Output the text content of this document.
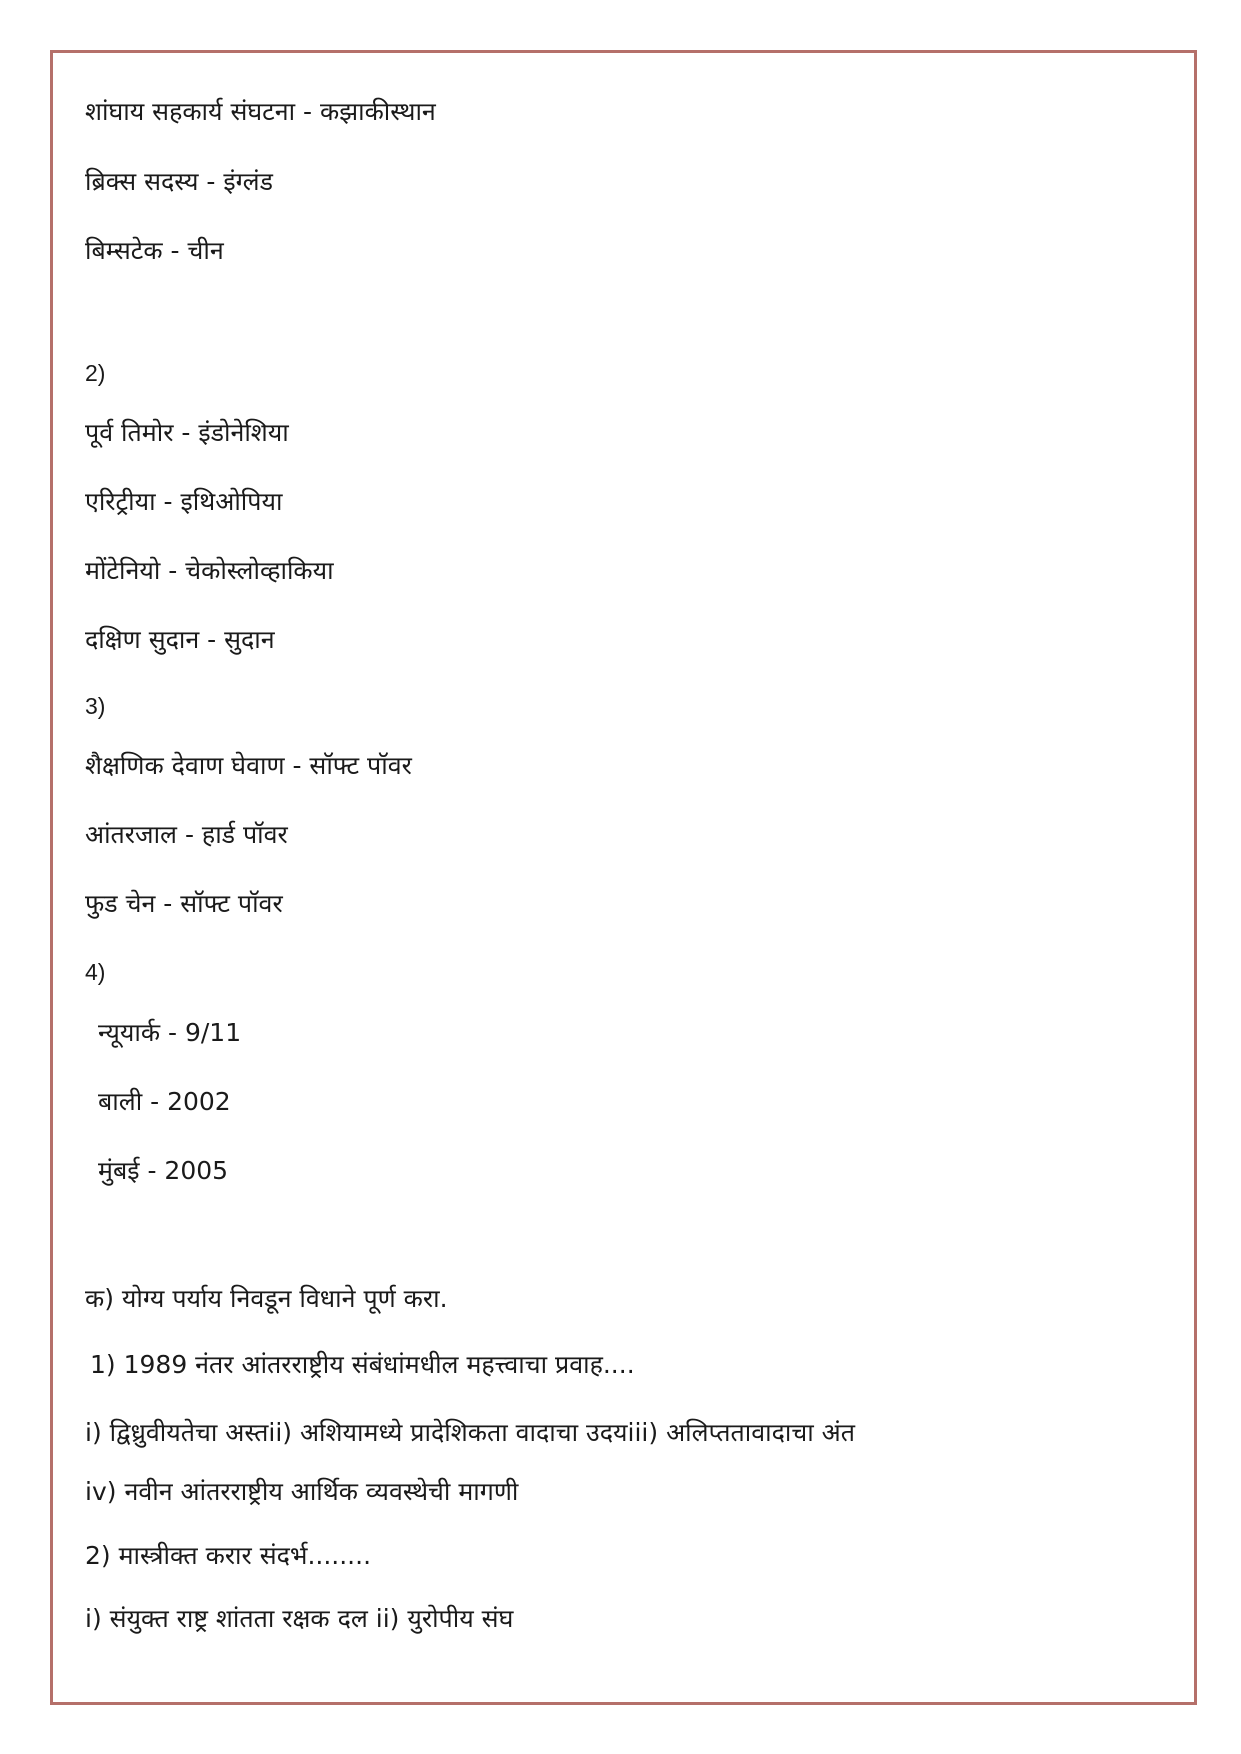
शांघाय सहकार्य संघटना - कझाकीस्थान
ब्रिक्स सदस्य - इंग्लंड
बिम्सटेक - चीन
2)
पूर्व तिमोर - इंडोनेशिया
एरिट्रीया - इथिओपिया
मोंटेनियो - चेकोस्लोव्हाकिया
दक्षिण सुदान - सुदान
3)
शैक्षणिक देवाण घेवाण - सॉफ्ट पॉवर
आंतरजाल - हार्ड पॉवर
फुड चेन - सॉफ्ट पॉवर
4)
न्यूयार्क - 9/11
बाली - 2002
मुंबई - 2005
क) योग्य पर्याय निवडून विधाने पूर्ण करा.
1) 1989 नंतर आंतरराष्ट्रीय संबंधांमधील महत्त्वाचा प्रवाह....
i) द्विध्रुवीयतेचा अस्तii) अशियामध्ये प्रादेशिकता वादाचा उदयiii) अलिप्ततावादाचा अंत
iv) नवीन आंतरराष्ट्रीय आर्थिक व्यवस्थेची मागणी
2) मास्त्रीक्त करार संदर्भ........
i) संयुक्त राष्ट्र शांतता रक्षक दल ii) युरोपीय संघ
